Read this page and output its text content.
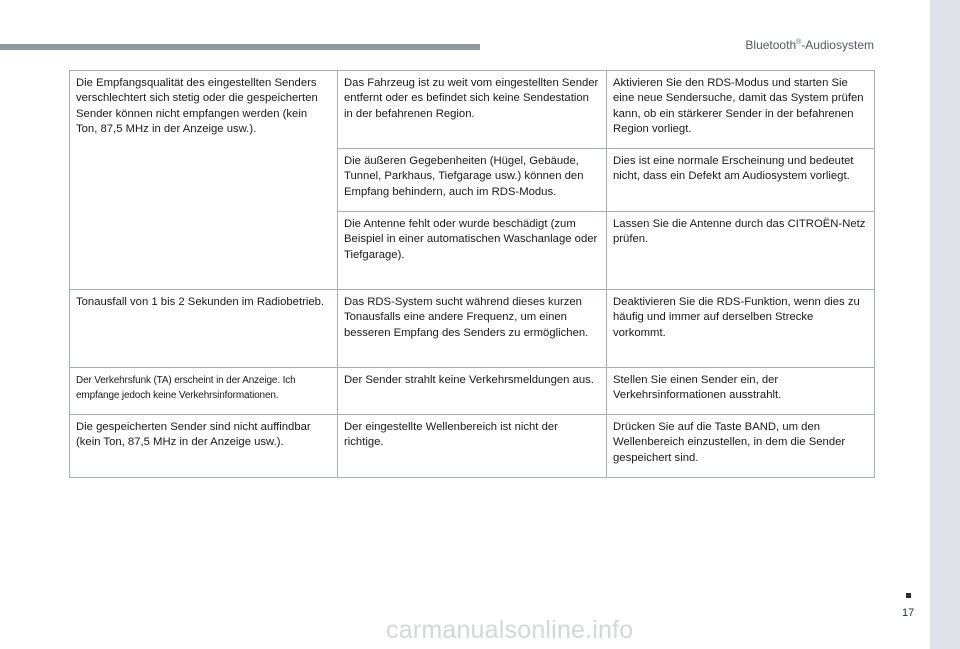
Bluetooth®-Audiosystem
Die Empfangsqualität des eingestellten Senders verschlechtert sich stetig oder die gespeicherten Sender können nicht empfangen werden (kein Ton, 87,5 MHz in der Anzeige usw.).	Das Fahrzeug ist zu weit vom eingestellten Sender entfernt oder es befindet sich keine Sendestation in der befahrenen Region.	Aktivieren Sie den RDS-Modus und starten Sie eine neue Sendersuche, damit das System prüfen kann, ob ein stärkerer Sender in der befahrenen Region vorliegt.
	Die äußeren Gegebenheiten (Hügel, Gebäude, Tunnel, Parkhaus, Tiefgarage usw.) können den Empfang behindern, auch im RDS-Modus.	Dies ist eine normale Erscheinung und bedeutet nicht, dass ein Defekt am Audiosystem vorliegt.
	Die Antenne fehlt oder wurde beschädigt (zum Beispiel in einer automatischen Waschanlage oder Tiefgarage).	Lassen Sie die Antenne durch das CITROËN-Netz prüfen.
Tonausfall von 1 bis 2 Sekunden im Radiobetrieb.	Das RDS-System sucht während dieses kurzen Tonausfalls eine andere Frequenz, um einen besseren Empfang des Senders zu ermöglichen.	Deaktivieren Sie die RDS-Funktion, wenn dies zu häufig und immer auf derselben Strecke vorkommt.
Der Verkehrsfunk (TA) erscheint in der Anzeige. Ich empfange jedoch keine Verkehrsinformationen.	Der Sender strahlt keine Verkehrsmeldungen aus.	Stellen Sie einen Sender ein, der Verkehrsinformationen ausstrahlt.
Die gespeicherten Sender sind nicht auffindbar (kein Ton, 87,5 MHz in der Anzeige usw.).	Der eingestellte Wellenbereich ist nicht der richtige.	Drücken Sie auf die Taste BAND, um den Wellenbereich einzustellen, in dem die Sender gespeichert sind.
17
carmanualsonline.info
